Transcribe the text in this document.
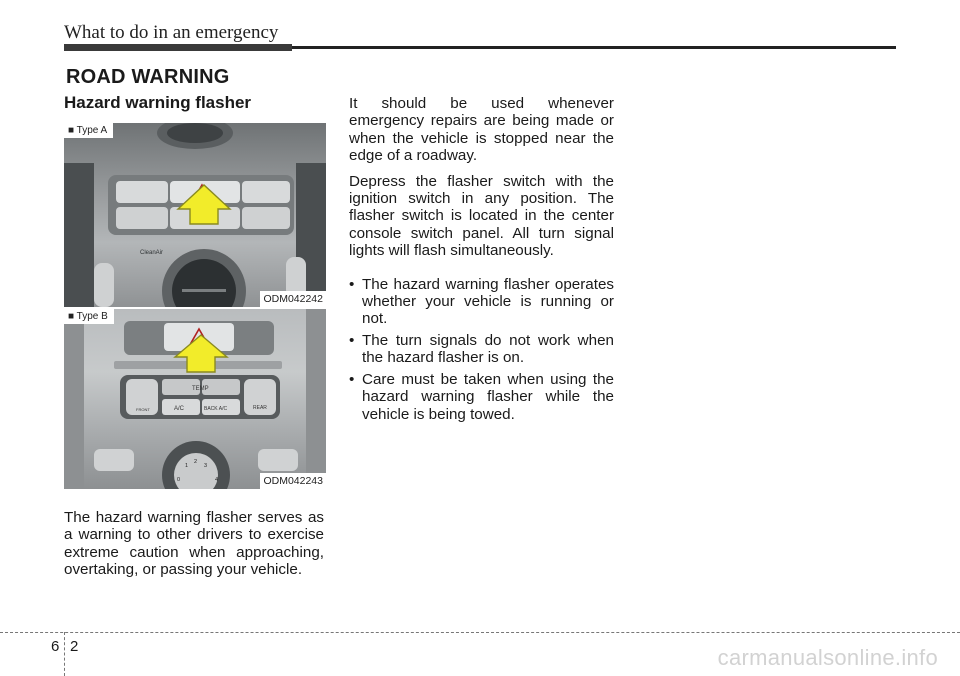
What to do in an emergency
ROAD WARNING
Hazard warning flasher
CleanAir
■ Type A
ODM042242
TEMP
FRONT	A/C	BACK A/C	REAR
1
2
3
0	4
■ Type B
ODM042243

The hazard warning flasher serves as a warning to other drivers to exercise extreme caution when approaching, overtaking, or passing your vehicle.

It should be used whenever emergency repairs are being made or when the vehicle is stopped near the edge of a roadway.

Depress the flasher switch with the ignition switch in any position. The flasher switch is located in the center console switch panel. All turn signal lights will flash simultaneously.

• The hazard warning flasher operates whether your vehicle is running or not.
• The turn signals do not work when the hazard flasher is on.
• Care must be taken when using the hazard warning flasher while the vehicle is being towed.
6 2	carmanualsonline.info
